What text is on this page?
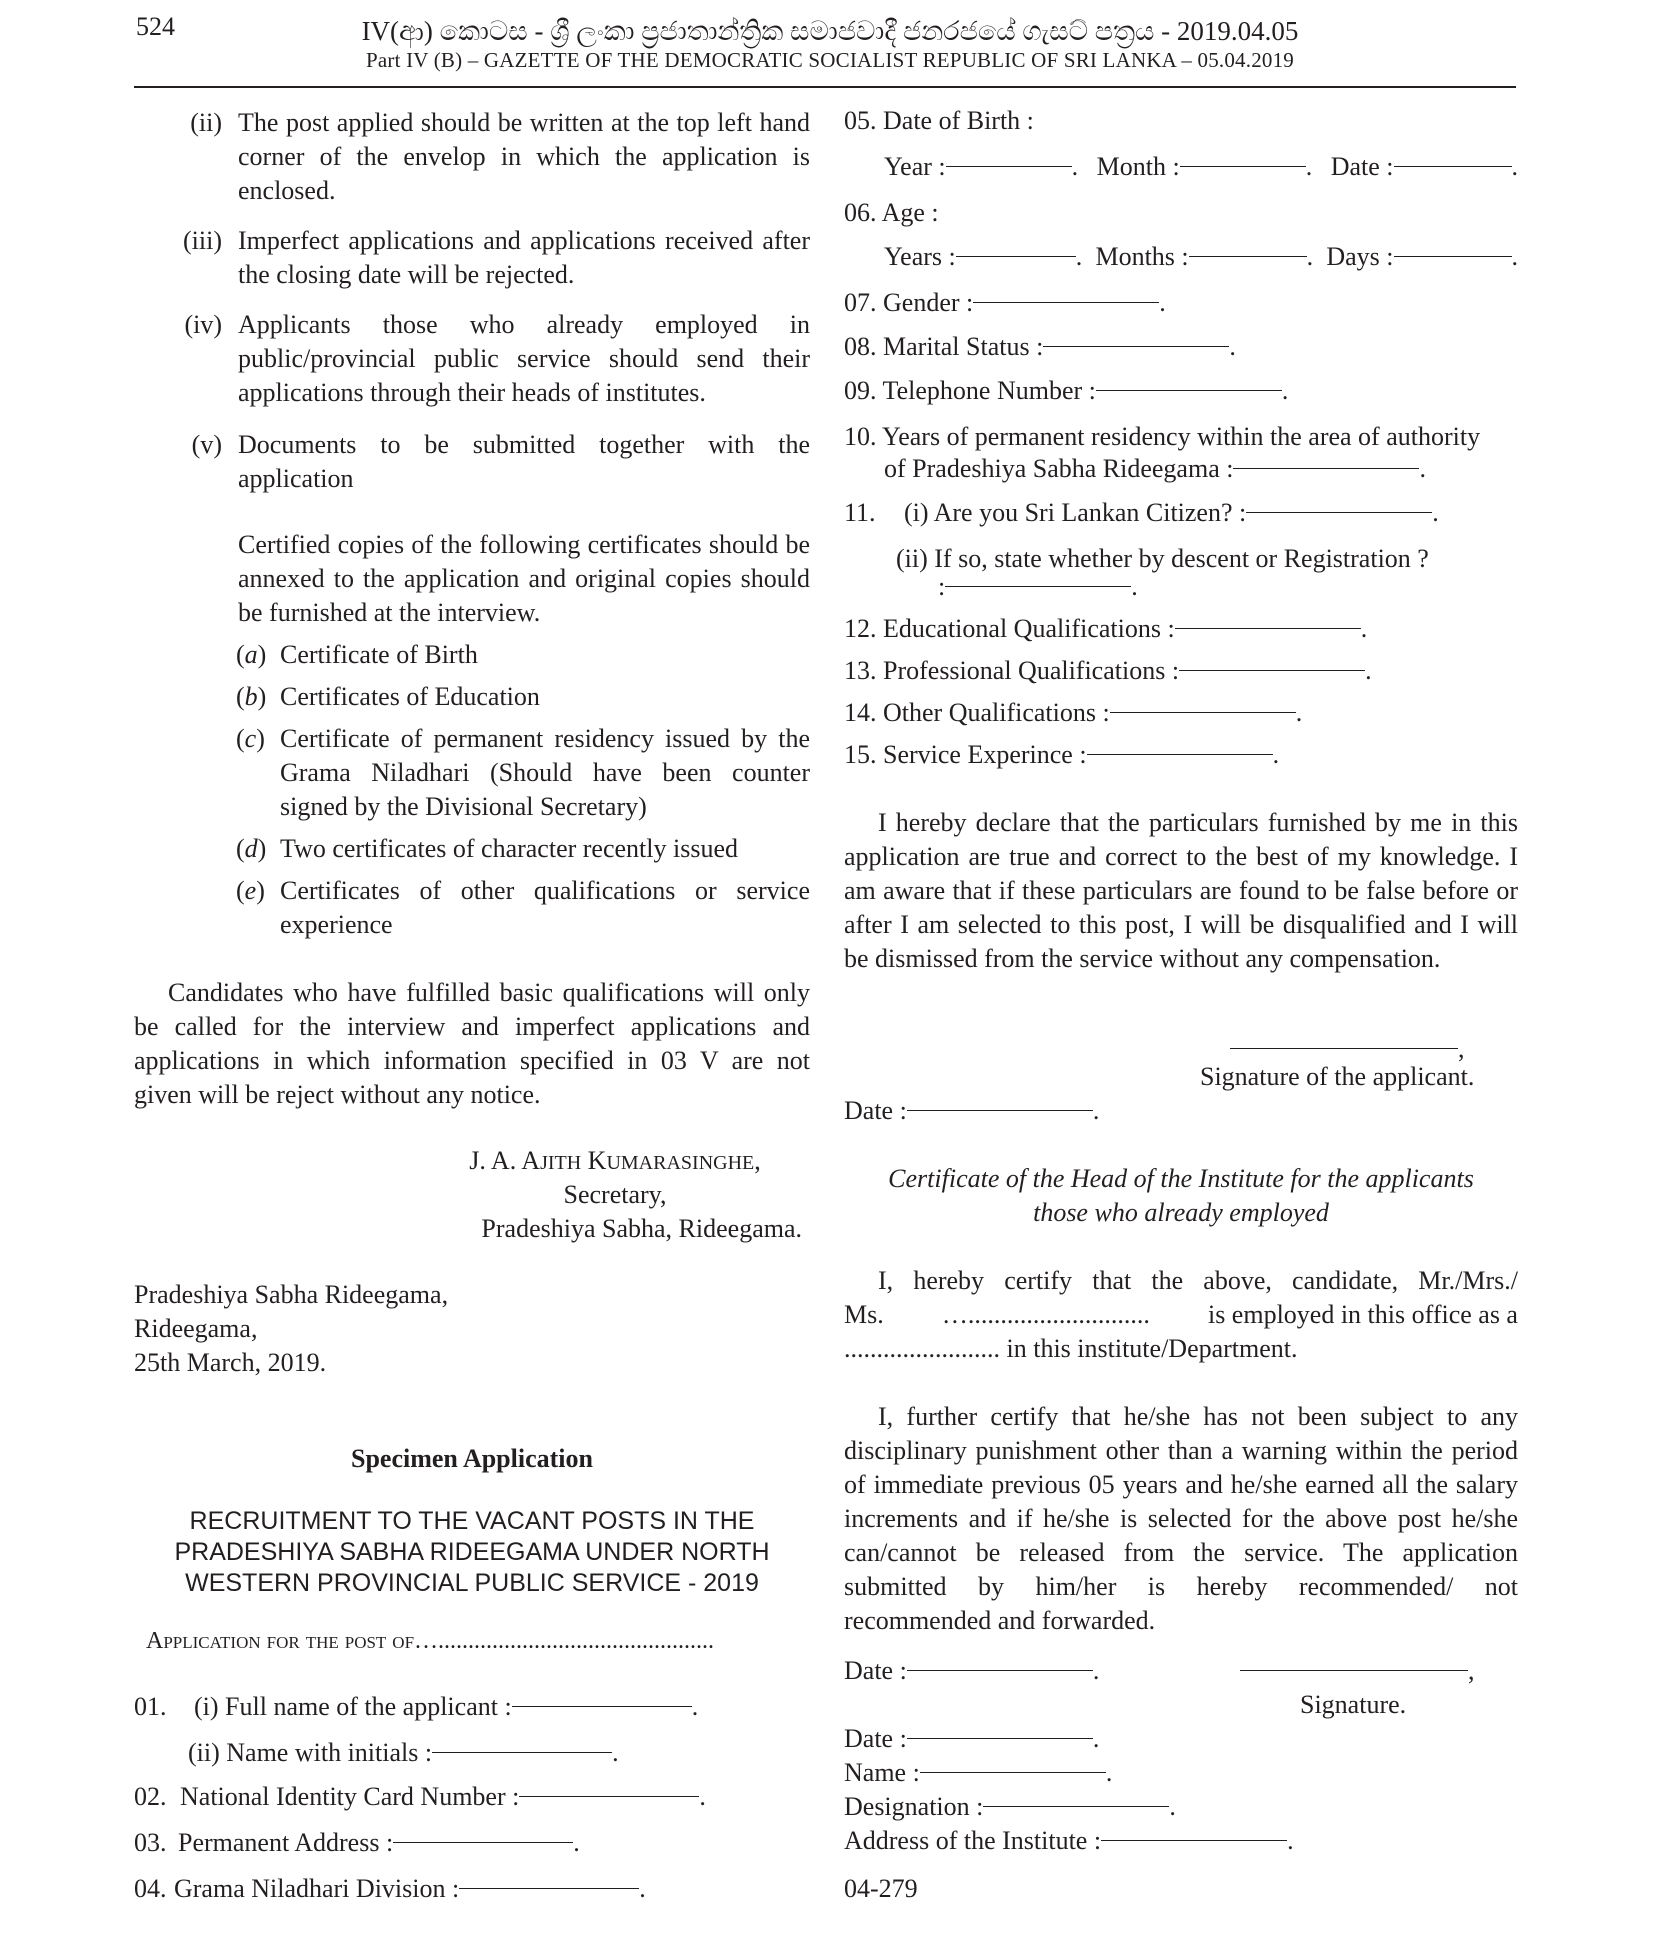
524	IV(ආ) කොටස - ශ්‍රී ලංකා ප්‍රජාතාන්ත්‍රික සමාජවාදී ජනරජයේ ගැසට් පත්‍රය - 2019.04.05
Part IV (B) – GAZETTE OF THE DEMOCRATIC SOCIALIST REPUBLIC OF SRI LANKA – 05.04.2019
(ii) The post applied should be written at the top left hand corner of the envelop in which the application is enclosed.
(iii) Imperfect applications and applications received after the closing date will be rejected.
(iv) Applicants those who already employed in public/provincial public service should send their applications through their heads of institutes.
(v) Documents to be submitted together with the application
Certified copies of the following certificates should be annexed to the application and original copies should be furnished at the interview.
(a) Certificate of Birth
(b) Certificates of Education
(c) Certificate of permanent residency issued by the Grama Niladhari (Should have been counter signed by the Divisional Secretary)
(d) Two certificates of character recently issued
(e) Certificates of other qualifications or service experience
Candidates who have fulfilled basic qualifications will only be called for the interview and imperfect applications and applications in which information specified in 03 V are not given will be reject without any notice.
J. A. AJITH KUMARASINGHE,
Secretary,
Pradeshiya Sabha, Rideegama.
Pradeshiya Sabha Rideegama,
Rideegama,
25th March, 2019.
Specimen Application
RECRUITMENT TO THE VACANT POSTS IN THE
PRADESHIYA SABHA RIDEEGAMA UNDER NORTH
WESTERN PROVINCIAL PUBLIC SERVICE - 2019
Application for the post of…..............................................
01. (i) Full name of the applicant :	.
(ii) Name with initials :	.
02. National Identity Card Number :	.
03. Permanent Address :	.
04. Grama Niladhari Division :	.
05. Date of Birth :
Year :	. Month :	. Date :	.
06. Age :
Years :	. Months :	. Days :	.
07. Gender :	.
08. Marital Status :	.
09. Telephone Number :	.
10. Years of permanent residency within the area of authority
of Pradeshiya Sabha Rideegama :	.
11. (i) Are you Sri Lankan Citizen? :	.
(ii) If so, state whether by descent or Registration ?
:	.
12. Educational Qualifications :	.
13. Professional Qualifications :	.
14. Other Qualifications :	.
15. Service Experince :	.
I hereby declare that the particulars furnished by me in this application are true and correct to the best of my knowledge. I am aware that if these particulars are found to be false before or after I am selected to this post, I will be disqualified and I will be dismissed from the service without any compensation.
,
Signature of the applicant.
Date :	.
Certificate of the Head of the Institute for the applicants
those who already employed
I, hereby certify that the above, candidate, Mr./Mrs./
Ms. …............................ is employed in this office as a
........................ in this institute/Department.
I, further certify that he/she has not been subject to any disciplinary punishment other than a warning within the period of immediate previous 05 years and he/she earned all the salary increments and if he/she is selected for the above post he/she can/cannot be released from the service. The application submitted by him/her is hereby recommended/ not recommended and forwarded.
Date :	.	,
Signature.
Date :	.
Name :	.
Designation :	.
Address of the Institute :	.
04-279
